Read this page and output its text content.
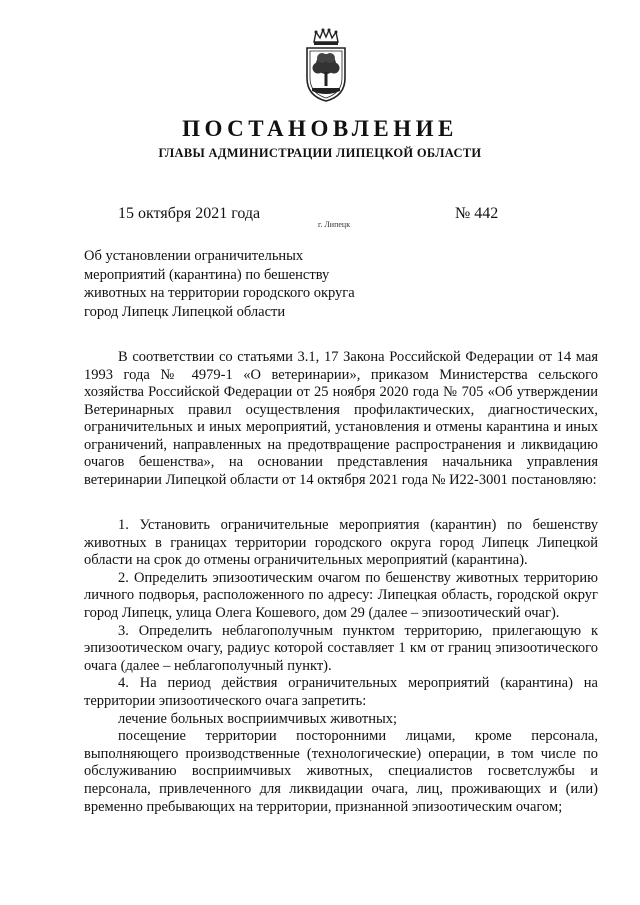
ПОСТАНОВЛЕНИЕ
ГЛАВЫ АДМИНИСТРАЦИИ ЛИПЕЦКОЙ ОБЛАСТИ
15 октября 2021 года
г. Липецк
№ 442

Об установлении ограничительных мероприятий (карантина) по бешенству животных на территории городского округа город Липецк Липецкой области

В соответствии со статьями 3.1, 17 Закона Российской Федерации от 14 мая 1993 года № 4979-1 «О ветеринарии», приказом Министерства сельского хозяйства Российской Федерации от 25 ноября 2020 года № 705 «Об утверждении Ветеринарных правил осуществления профилактических, диагностических, ограничительных и иных мероприятий, установления и отмены карантина и иных ограничений, направленных на предотвращение распространения и ликвидацию очагов бешенства», на основании представления начальника управления ветеринарии Липецкой области от 14 октября 2021 года № И22-3001 постановляю:

1. Установить ограничительные мероприятия (карантин) по бешенству животных в границах территории городского округа город Липецк Липецкой области на срок до отмены ограничительных мероприятий (карантина).

2. Определить эпизоотическим очагом по бешенству животных территорию личного подворья, расположенного по адресу: Липецкая область, городской округ город Липецк, улица Олега Кошевого, дом 29 (далее – эпизоотический очаг).

3. Определить неблагополучным пунктом территорию, прилегающую к эпизоотическом очагу, радиус которой составляет 1 км от границ эпизоотического очага (далее – неблагополучный пункт).

4. На период действия ограничительных мероприятий (карантина) на территории эпизоотического очага запретить:

лечение больных восприимчивых животных;

посещение территории посторонними лицами, кроме персонала, выполняющего производственные (технологические) операции, в том числе по обслуживанию восприимчивых животных, специалистов госветслужбы и персонала, привлеченного для ликвидации очага, лиц, проживающих и (или) временно пребывающих на территории, признанной эпизоотическим очагом;
